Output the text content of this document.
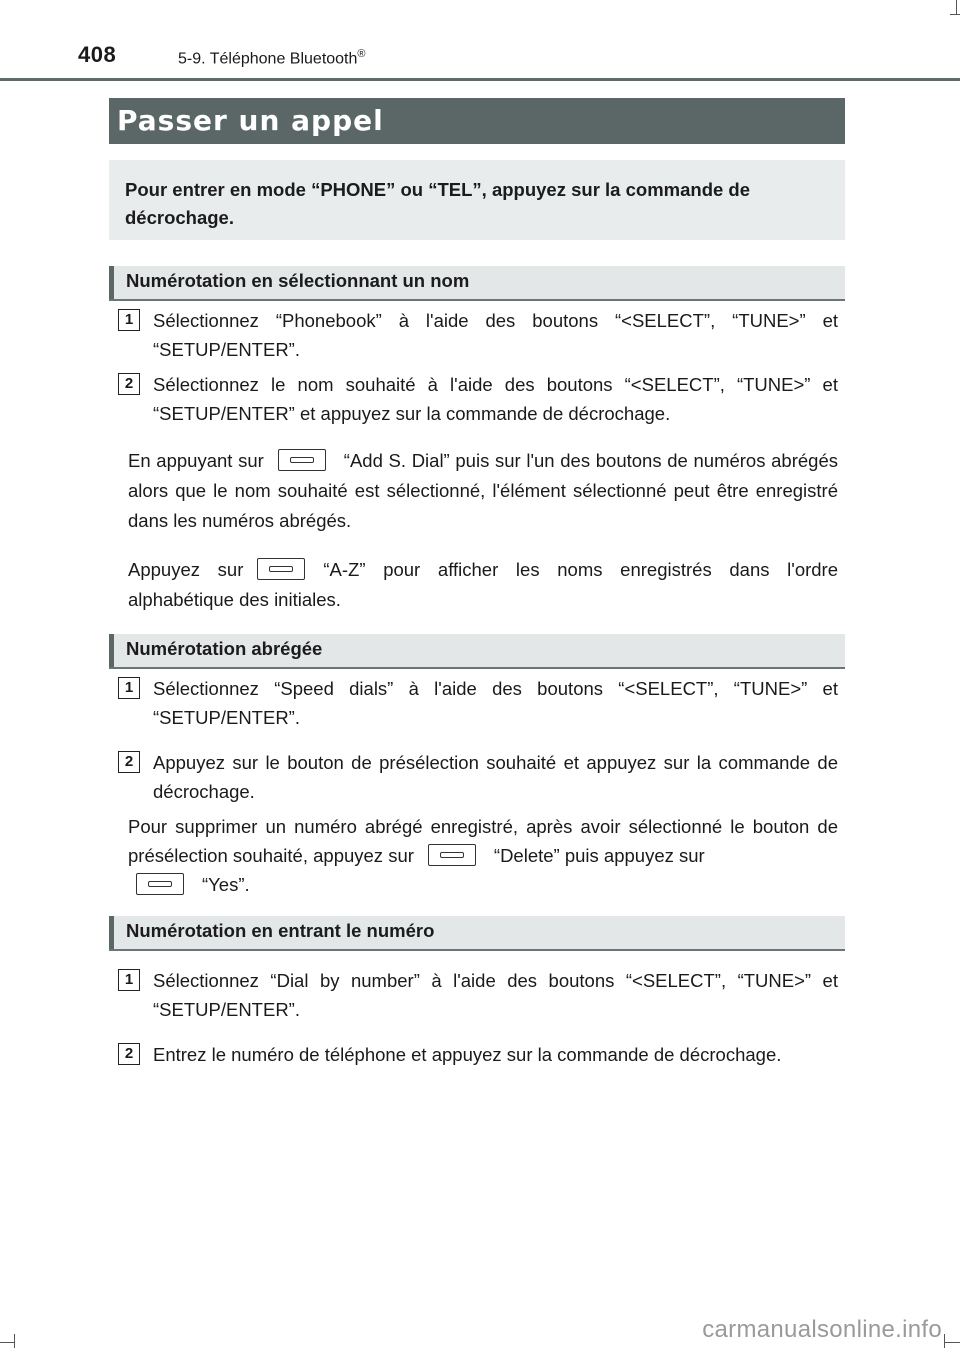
408	5-9. Téléphone Bluetooth®
Passer un appel

Pour entrer en mode “PHONE” ou “TEL”, appuyez sur la commande de décrochage.

Numérotation en sélectionnant un nom
1	Sélectionnez “Phonebook” à l'aide des boutons “<SELECT”, “TUNE>” et “SETUP/ENTER”.
2	Sélectionnez le nom souhaité à l'aide des boutons “<SELECT”, “TUNE>” et “SETUP/ENTER” et appuyez sur la commande de décrochage.
En appuyant sur	“Add S. Dial” puis sur l'un des boutons de numéros abrégés alors que le nom souhaité est sélectionné, l'élément sélectionné peut être enregistré dans les numéros abrégés.
Appuyez sur	“A-Z” pour afficher les noms enregistrés dans l'ordre alphabétique des initiales.
Numérotation abrégée
1	Sélectionnez “Speed dials” à l'aide des boutons “<SELECT”, “TUNE>” et “SETUP/ENTER”.
2	Appuyez sur le bouton de présélection souhaité et appuyez sur la commande de décrochage.
Pour supprimer un numéro abrégé enregistré, après avoir sélectionné le bouton de présélection souhaité, appuyez sur	“Delete” puis appuyez sur
“Yes”.
Numérotation en entrant le numéro
1	Sélectionnez “Dial by number” à l'aide des boutons “<SELECT”, “TUNE>” et “SETUP/ENTER”.
2	Entrez le numéro de téléphone et appuyez sur la commande de décrochage.
carmanualsonline.info
